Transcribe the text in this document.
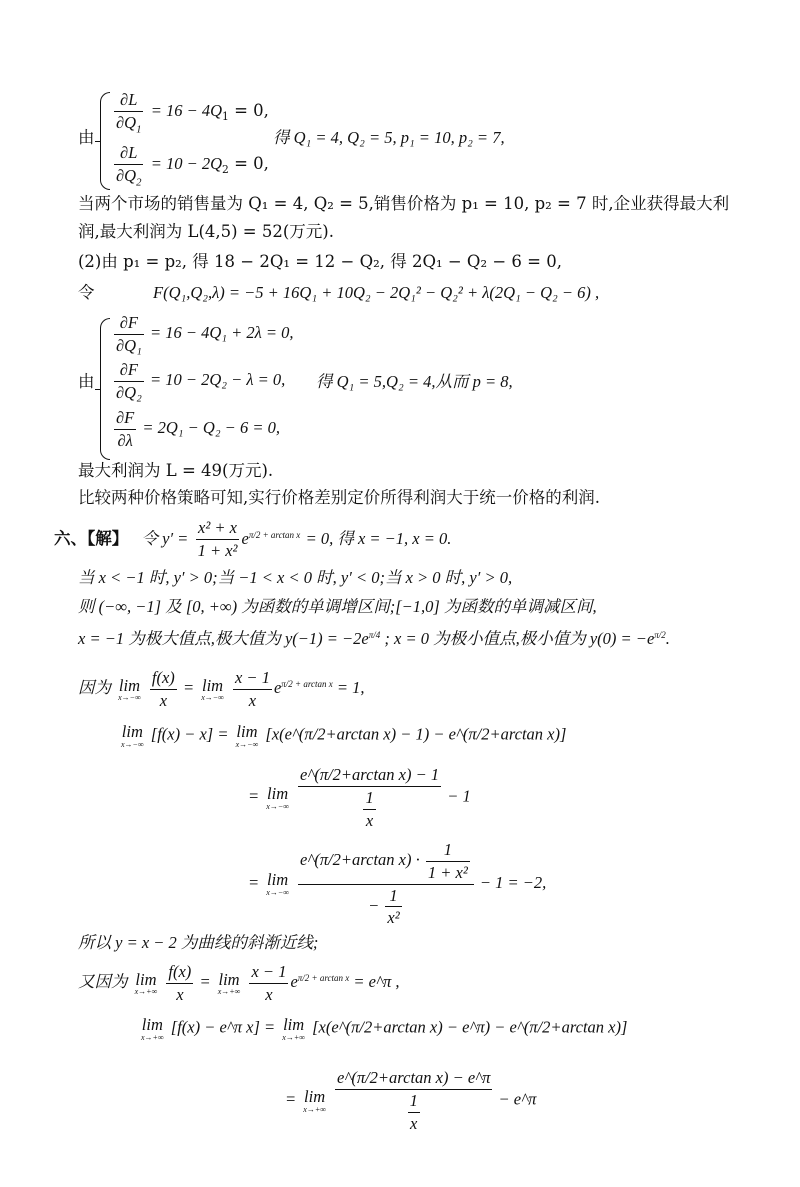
由
$\frac{\partial L}{\partial Q_1} = 16 - 4Q_1 = 0$,
$\frac{\partial L}{\partial Q_2} = 10 - 2Q_2 = 0$,
得 Q₁ = 4, Q₂ = 5, p₁ = 10, p₂ = 7,
当两个市场的销售量为 Q₁ = 4, Q₂ = 5,销售价格为 p₁ = 10, p₂ = 7 时,企业获得最大利
润,最大利润为 L(4,5) = 52(万元).
(2)由 p₁ = p₂, 得 18 − 2Q₁ = 12 − Q₂, 得 2Q₁ − Q₂ − 6 = 0,
令	F(Q₁,Q₂,λ) = −5 + 16Q₁ + 10Q₂ − 2Q₁² − Q₂² + λ(2Q₁ − Q₂ − 6) ,
由
$\frac{\partial F}{\text{∂Q₁}} = 16 - 4Q_1 + 2\lambda = 0$,
$\frac{\partial F}{\text{∂Q₂}} = 10 - 2Q_2 - \lambda = 0$, 得 Q₁ = 5,Q₂ = 4,从而 p = 8,
$\frac{\partial F}{\partial\lambda} = 2Q_1 - Q_2 - 6 = 0$,
最大利润为 L = 49(万元).
比较两种价格策略可知,实行价格差别定价所得利润大于统一价格的利润.
六、【解】 令 $y' = \frac{\text{x² + x}}{\text{1 + x²}} e^{\pi/2 + arctan x} = 0$, 得 x = −1, x = 0.
当 x < −1 时, y′ > 0;当 −1 < x < 0 时, y′ < 0;当 x > 0 时, y′ > 0,
则 (−∞, −1] 及 [0, +∞) 为函数的单调增区间;[−1,0] 为函数的单调减区间,
x = −1 为极大值点,极大值为 $y(-1) = -2e^{\pi/4}$ ; x = 0 为极小值点,极小值为 $y(0) = -e^{\pi/2}$.
因为 lim
x→−∞
$\frac{f(x)}{x} = \lim$
x→−∞
$\frac{x - 1}{x} e^{\pi/2 + arctan x} = 1$,
lim
x→−∞
[f(x) − x] = lim
x→−∞
[x(e^(π/2+arctan x) − 1) − e^(π/2+arctan x)]
= lim
x→−∞
$\frac{\text{e\textasciicircum{}(π/2+arctan x) − 1}}{\frac{1}{x}} - 1$
= lim
x→−∞
$\frac{e\^{}(\pi/2+\arctan x) \cdot \frac{1}{\text{1 + x²}}}{- \frac{1}{\text{x²}}} - 1 = -2$,
所以 y = x − 2 为曲线的斜渐近线;
又因为 lim
x→+∞
$\frac{f(x)}{x} = \lim$
x→+∞
$\frac{x - 1}{x} e^{\pi/2 + arctan x}$ = e^π ,
lim
x→+∞
[f(x) − e^π x] = lim
x→+∞
[x(e^(π/2+arctan x) − e^π) − e^(π/2+arctan x)]
= lim
x→+∞
$\frac{\text{e\textasciicircum{}(π/2+arctan x) − e\textasciicircum{}π}}{\frac{1}{x}}$ − e^π
